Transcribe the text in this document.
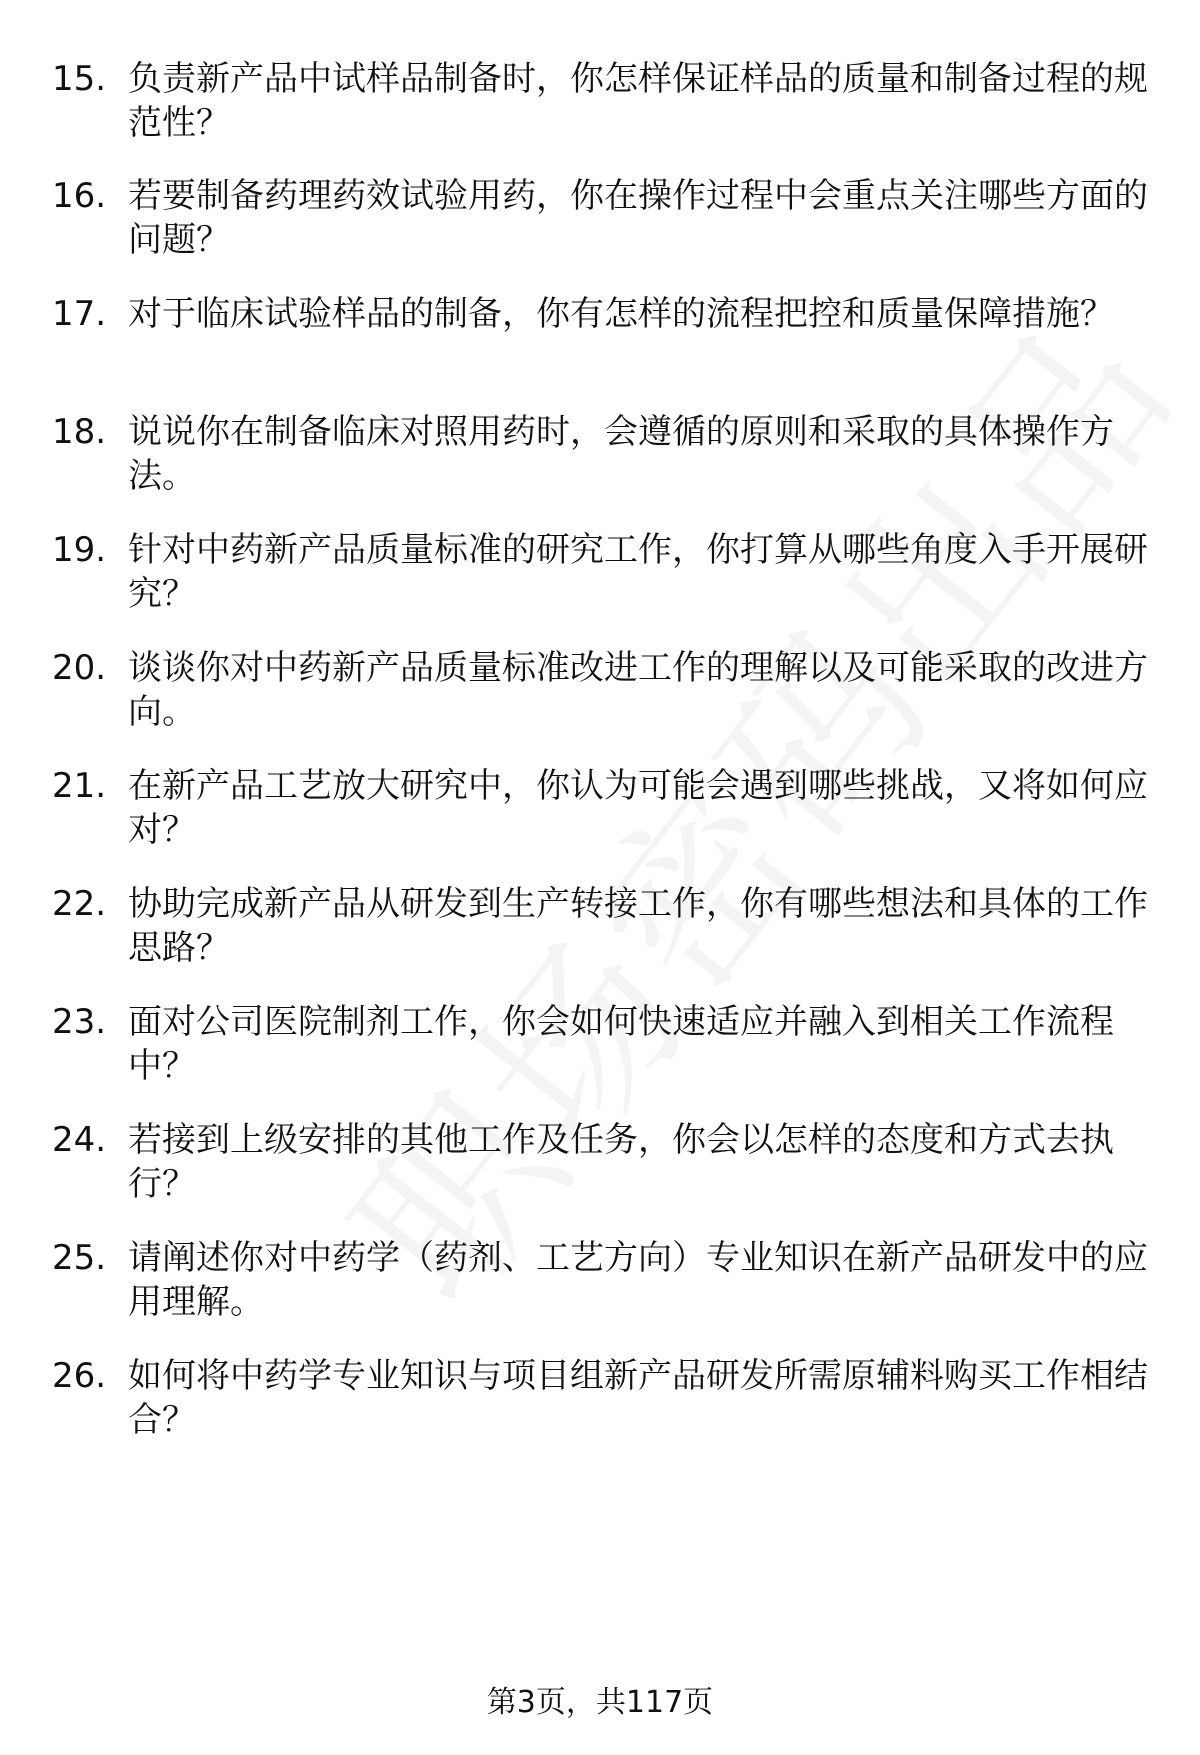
15. 负责新产品中试样品制备时，你怎样保证样品的质量和制备过程的规范性？
16. 若要制备药理药效试验用药，你在操作过程中会重点关注哪些方面的问题？
17. 对于临床试验样品的制备，你有怎样的流程把控和质量保障措施？
18. 说说你在制备临床对照用药时，会遵循的原则和采取的具体操作方法。
19. 针对中药新产品质量标准的研究工作，你打算从哪些角度入手开展研究？
20. 谈谈你对中药新产品质量标准改进工作的理解以及可能采取的改进方向。
21. 在新产品工艺放大研究中，你认为可能会遇到哪些挑战，又将如何应对？
22. 协助完成新产品从研发到生产转接工作，你有哪些想法和具体的工作思路？
23. 面对公司医院制剂工作，你会如何快速适应并融入到相关工作流程中？
24. 若接到上级安排的其他工作及任务，你会以怎样的态度和方式去执行？
25. 请阐述你对中药学（药剂、工艺方向）专业知识在新产品研发中的应用理解。
26. 如何将中药学专业知识与项目组新产品研发所需原辅料购买工作相结合？
第3页，共117页
